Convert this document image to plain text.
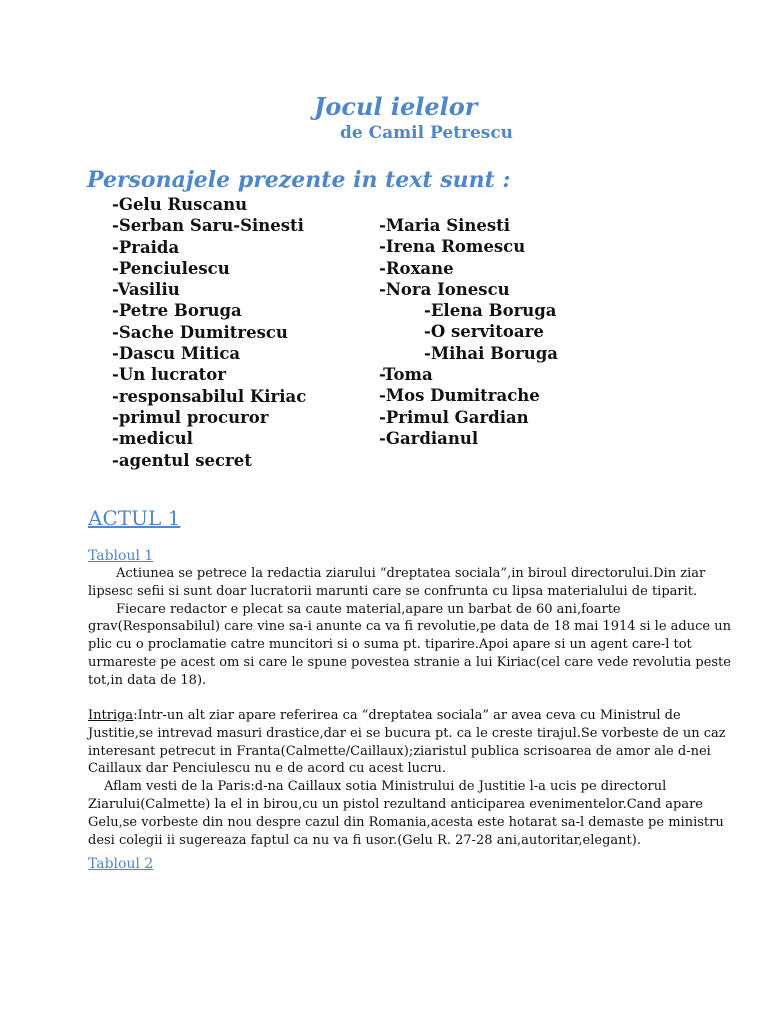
Jocul ielelor
de Camil Petrescu
Personajele prezente in text sunt :
-Gelu Ruscanu
-Serban Saru-Sinesti
-Praida
-Penciulescu
-Vasiliu
-Petre Boruga
-Sache Dumitrescu
-Dascu Mitica
-Un lucrator
-responsabilul Kiriac
-primul procuror
-medicul
-agentul secret
-Maria Sinesti
-Irena Romescu
-Roxane
-Nora Ionescu
-Elena Boruga
-O servitoare
-Mihai Boruga
-Toma
-Mos Dumitrache
-Primul Gardian
-Gardianul
ACTUL 1
Tabloul 1
Actiunea se petrece la redactia ziarului “dreptatea sociala”,in biroul directorului.Din ziar
lipsesc sefii si sunt doar lucratorii marunti care se confrunta cu lipsa materialului de tiparit.
Fiecare redactor e plecat sa caute material,apare un barbat de 60 ani,foarte
grav(Responsabilul) care vine sa-i anunte ca va fi revolutie,pe data de 18 mai 1914 si le aduce un
plic cu o proclamatie catre muncitori si o suma pt. tiparire.Apoi apare si un agent care-l tot
urmareste pe acest om si care le spune povestea stranie a lui Kiriac(cel care vede revolutia peste
tot,in data de 18).
Intriga:Intr-un alt ziar apare referirea ca “dreptatea sociala” ar avea ceva cu Ministrul de
Justitie,se intrevad masuri drastice,dar ei se bucura pt. ca le creste tirajul.Se vorbeste de un caz
interesant petrecut in Franta(Calmette/Caillaux);ziaristul publica scrisoarea de amor ale d-nei
Caillaux dar Penciulescu nu e de acord cu acest lucru.
Aflam vesti de la Paris:d-na Caillaux sotia Ministrului de Justitie l-a ucis pe directorul
Ziarului(Calmette) la el in birou,cu un pistol rezultand anticiparea evenimentelor.Cand apare
Gelu,se vorbeste din nou despre cazul din Romania,acesta este hotarat sa-l demaste pe ministru
desi colegii ii sugereaza faptul ca nu va fi usor.(Gelu R. 27-28 ani,autoritar,elegant).
Tabloul 2
